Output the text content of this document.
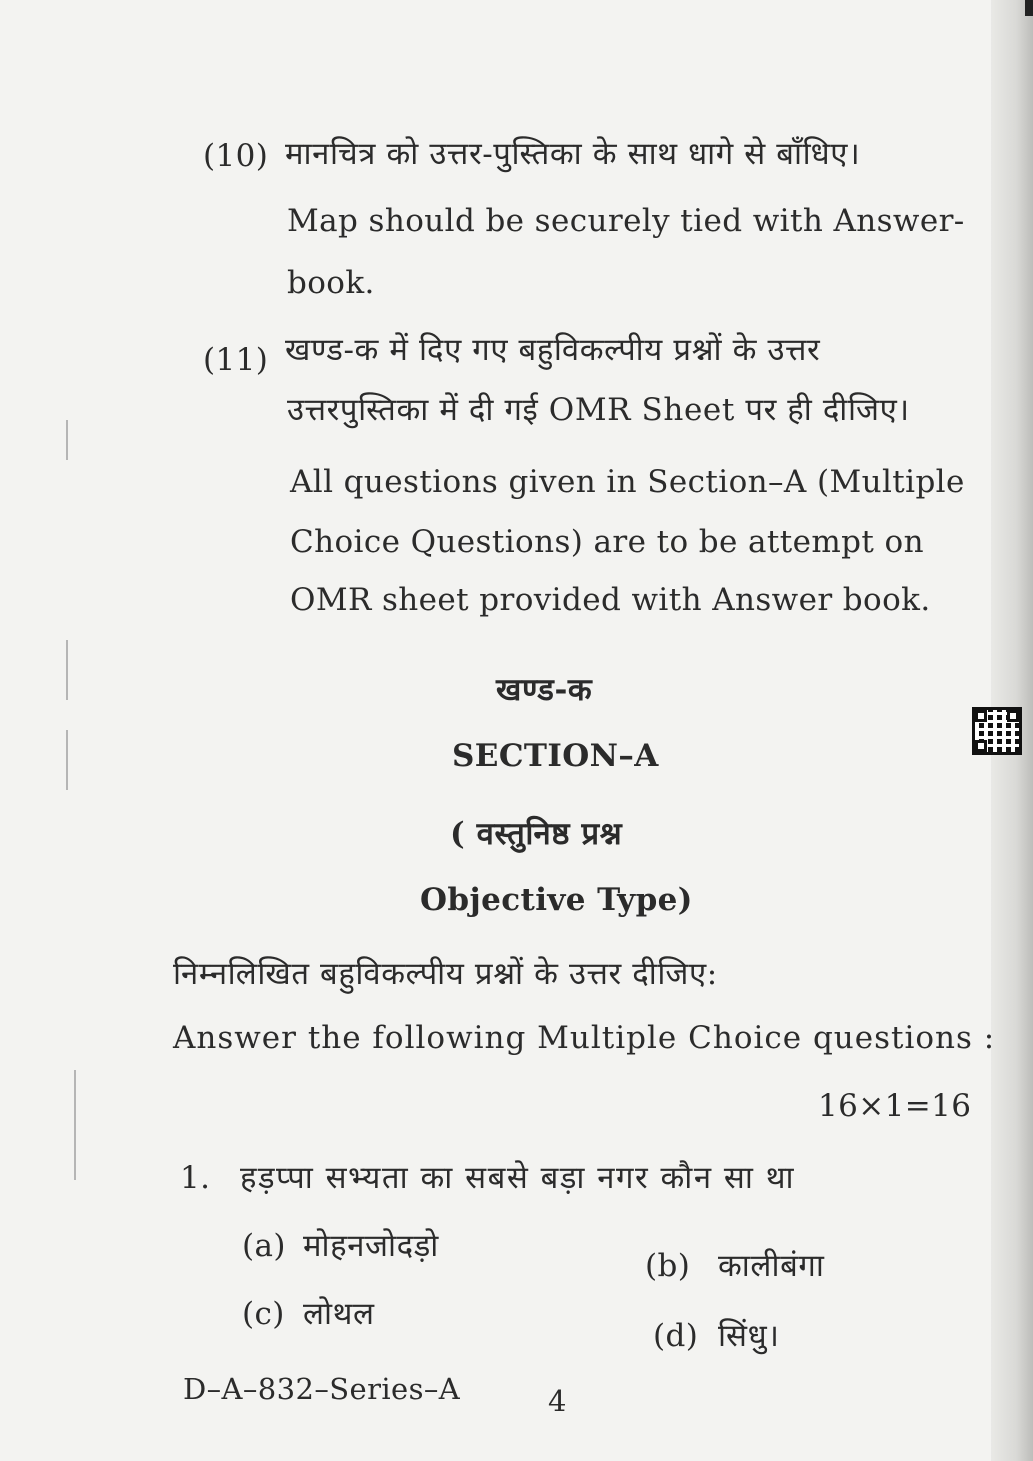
(10) मानचित्र को उत्तर-पुस्तिका के साथ धागे से बाँधिए।
Map should be securely tied with Answer-
book.
(11) खण्ड-क में दिए गए बहुविकल्पीय प्रश्नों के उत्तर
उत्तरपुस्तिका में दी गई OMR Sheet पर ही दीजिए।
All questions given in Section–A (Multiple
Choice Questions) are to be attempt on
OMR sheet provided with Answer book.
खण्ड-क
SECTION–A
( वस्तुनिष्ठ प्रश्न
Objective Type)
निम्नलिखित बहुविकल्पीय प्रश्नों के उत्तर दीजिए:
Answer the following Multiple Choice questions :
16×1=16
1. हड़प्पा सभ्यता का सबसे बड़ा नगर कौन सा था
(a) मोहनजोदड़ो
(b) कालीबंगा
(c) लोथल
(d) सिंधु।
D–A–832–Series–A	4
